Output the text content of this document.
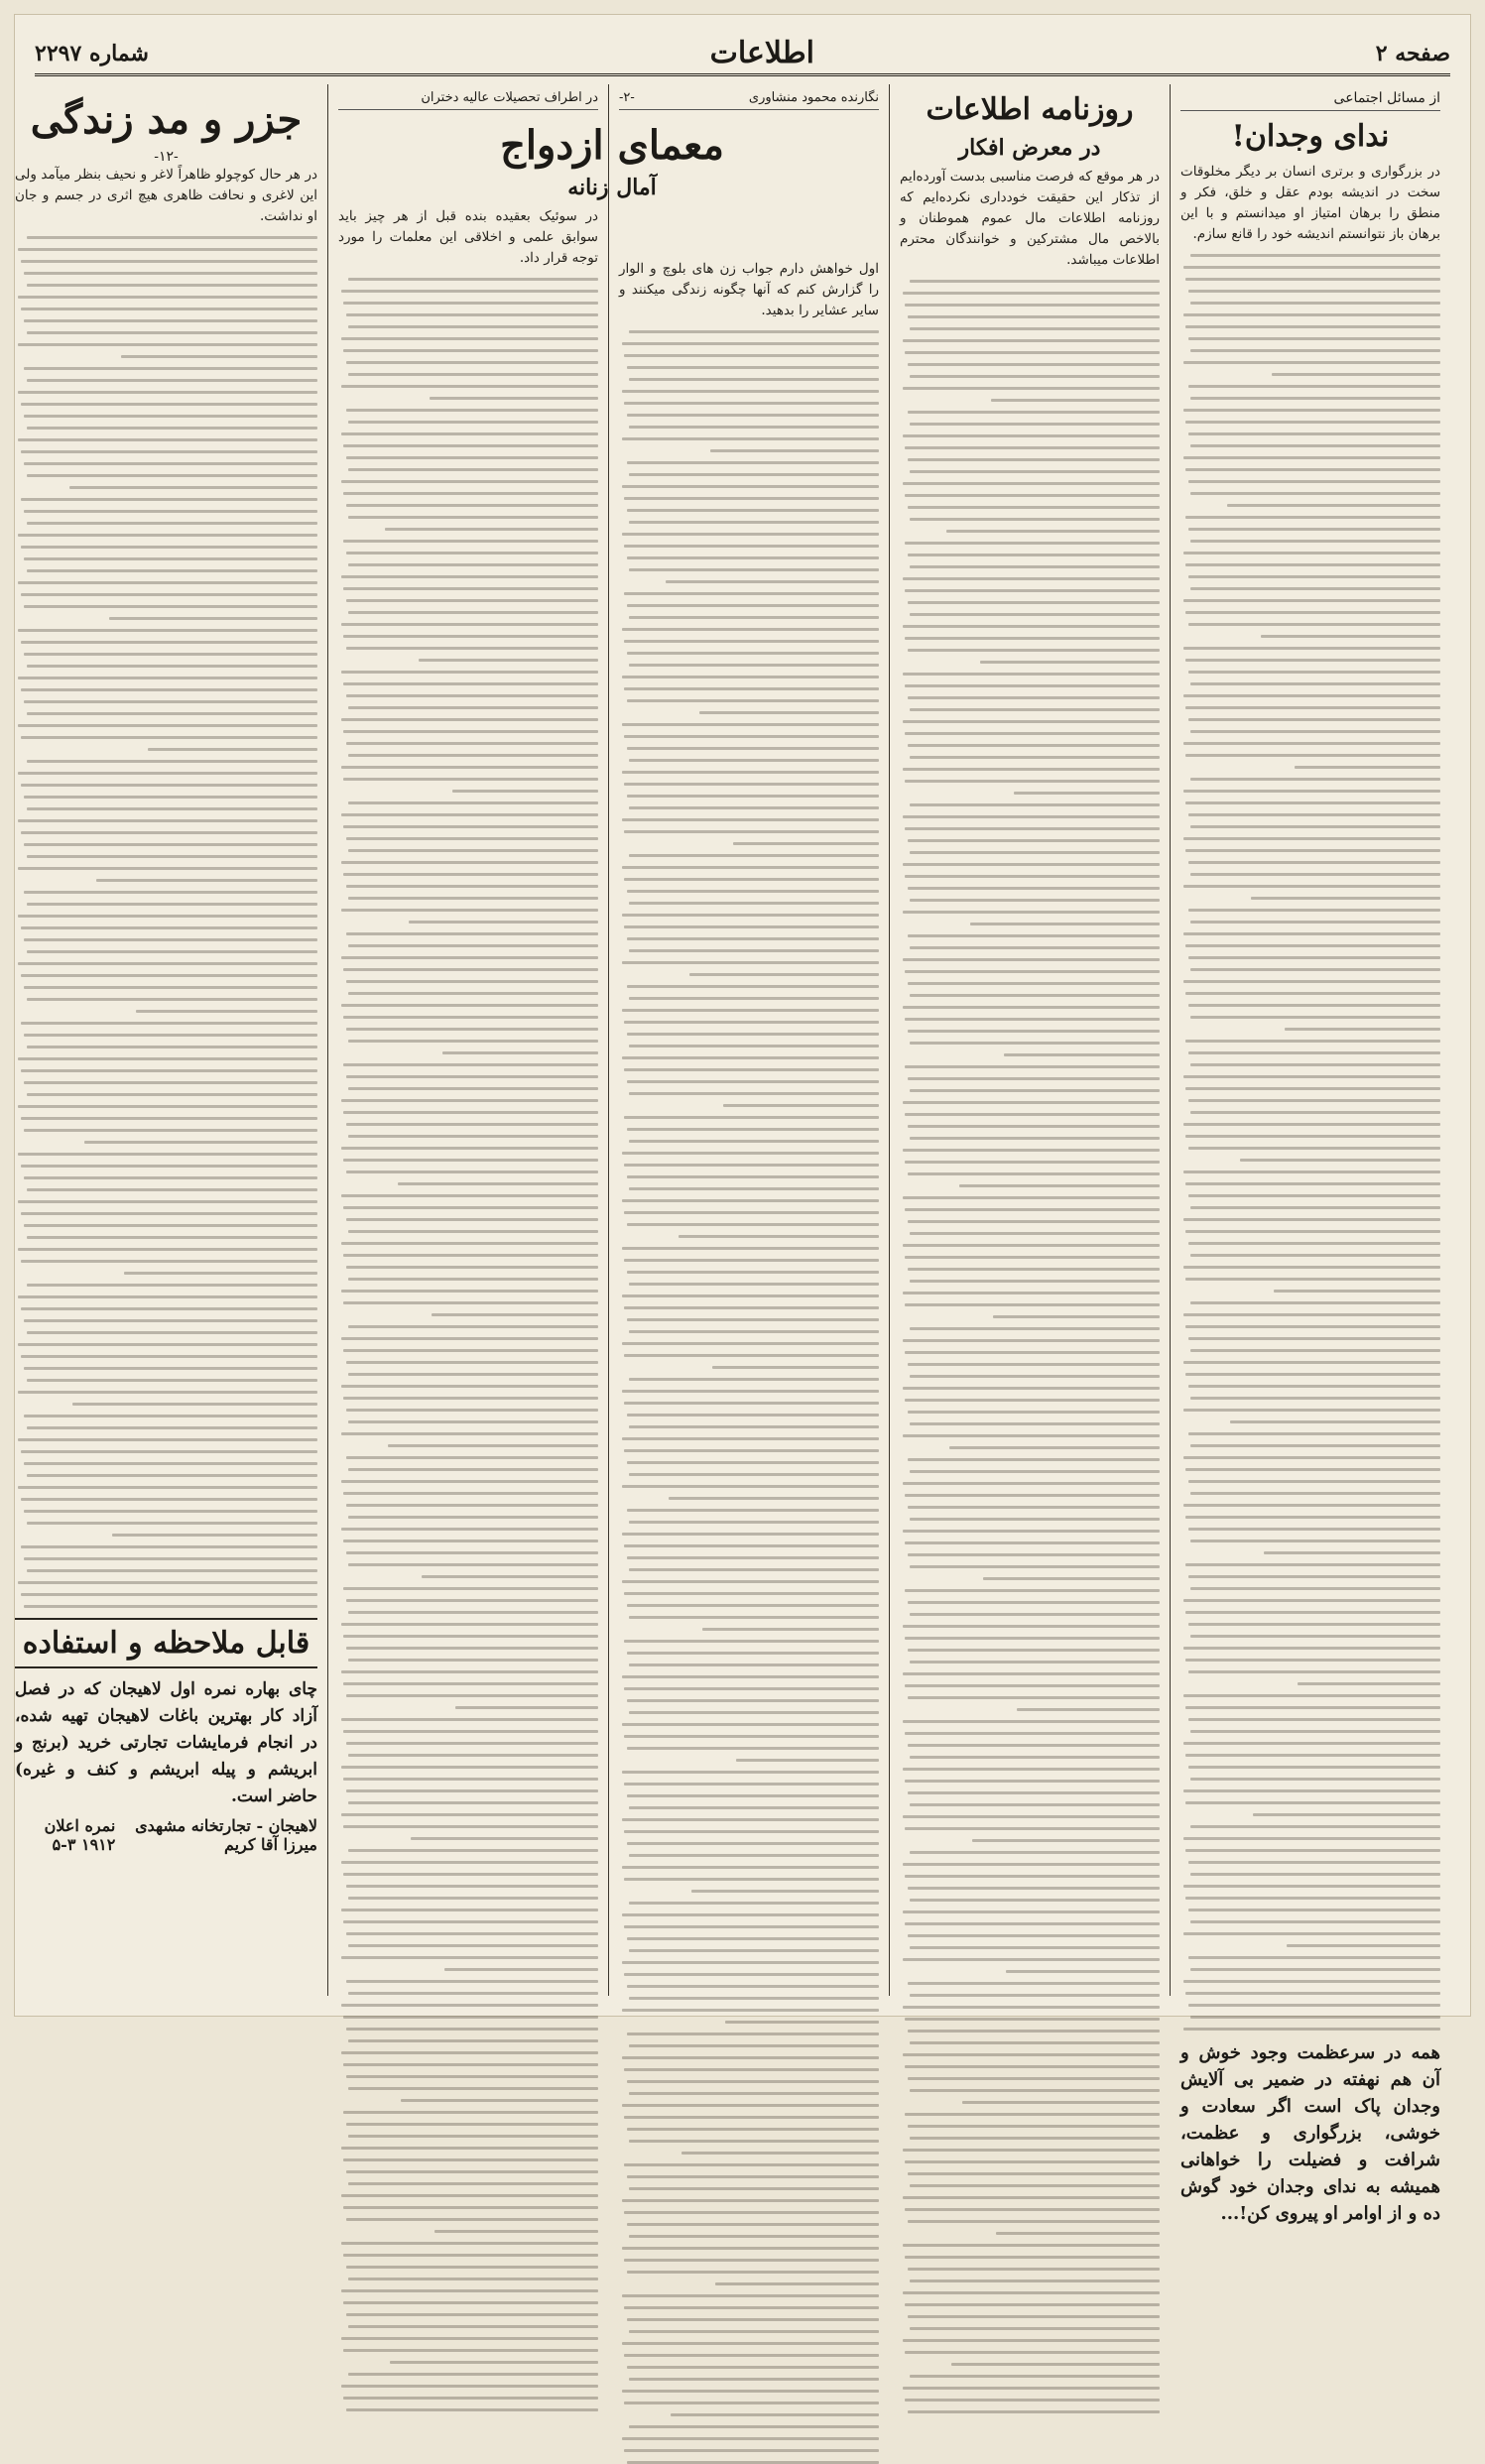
صفحه ۲
اطلاعات
شماره ۲۲۹۷
از مسائل اجتماعی
ندای وجدان!

در بزرگواری و برتری انسان بر دیگر مخلوقات سخت در اندیشه بودم عقل و خلق، فکر و منطق را برهان امتیاز او میدانستم و با این برهان باز نتوانستم اندیشه خود را قانع سازم.

همه در سرعظمت وجود خوش و آن هم نهفته در ضمیر بی آلایش وجدان پاک است اگر سعادت و خوشی، بزرگواری و عظمت، شرافت و فضیلت را خواهانی همیشه به ندای وجدان خود گوش ده و از اوامر او پیروی کن!...

روزنامه اطلاعات
در معرض افکار

در هر موقع که فرصت مناسبی بدست آورده‌ایم از تذکار این حقیقت خودداری نکرده‌ایم که روزنامه اطلاعات مال عموم هموطنان و بالاخص مال مشترکین و خوانندگان محترم اطلاعات میباشد.

نگارنده محمود منشاوری
-۲-

اول خواهش دارم جواب زن های بلوچ و الوار را گزارش کنم که آنها چگونه زندگی میکنند و سایر عشایر را بدهید.

در اطراف تحصیلات عالیه دختران
معمای ازدواج
آمال زنانه

در سوئیک بعقیده بنده قبل از هر چیز باید سوابق علمی و اخلاقی این معلمات را مورد توجه قرار داد.

جزر و مد زندگی
-۱۲-

در هر حال کوچولو ظاهراً لاغر و نحیف بنظر میآمد ولی این لاغری و نحافت ظاهری هیچ اثری در جسم و جان او نداشت.

قابل ملاحظه و استفاده

چای بهاره نمره اول لاهیجان که در فصل آزاد کار بهترین باغات لاهیجان تهیه شده، در انجام فرمایشات تجارتی خرید (برنج و ابریشم و پیله ابریشم و کنف و غیره) حاضر است.

لاهیجان - تجارتخانه مشهدی میرزا آقا کریم
نمره اعلان ۱۹۱۲ ۳-۵
